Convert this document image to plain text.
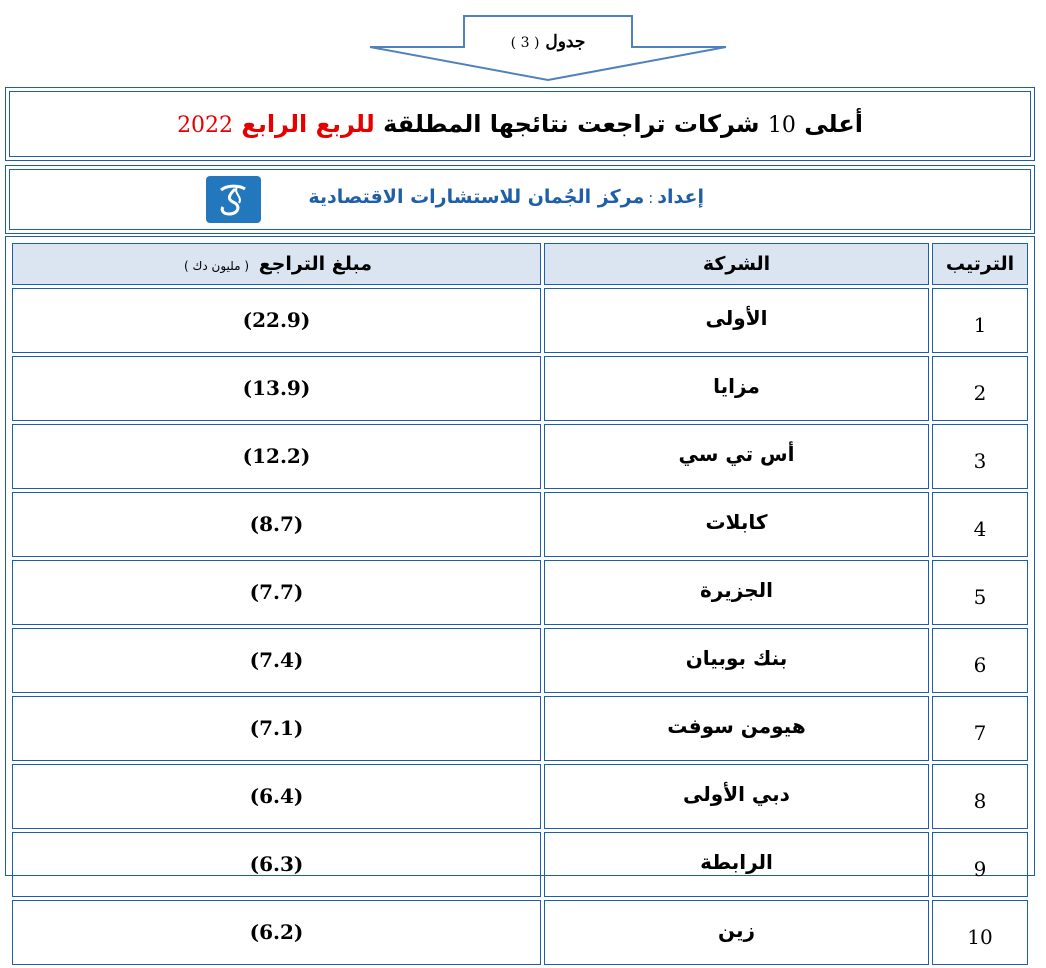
جدول ( 3 )
أعلى 10 شركات تراجعت نتائجها المطلقة للربع الرابع 2022
إعداد:مركز الجُمان للاستشارات الاقتصادية
الترتيب	الشركة	مبلغ التراجع ( مليون دك )
1	الأولى	(22.9)
2	مزايا	(13.9)
3	أس تي سي	(12.2)
4	كابلات	(8.7)
5	الجزيرة	(7.7)
6	بنك بوبيان	(7.4)
7	هيومن سوفت	(7.1)
8	دبي الأولى	(6.4)
9	الرابطة	(6.3)
10	زين	(6.2)
